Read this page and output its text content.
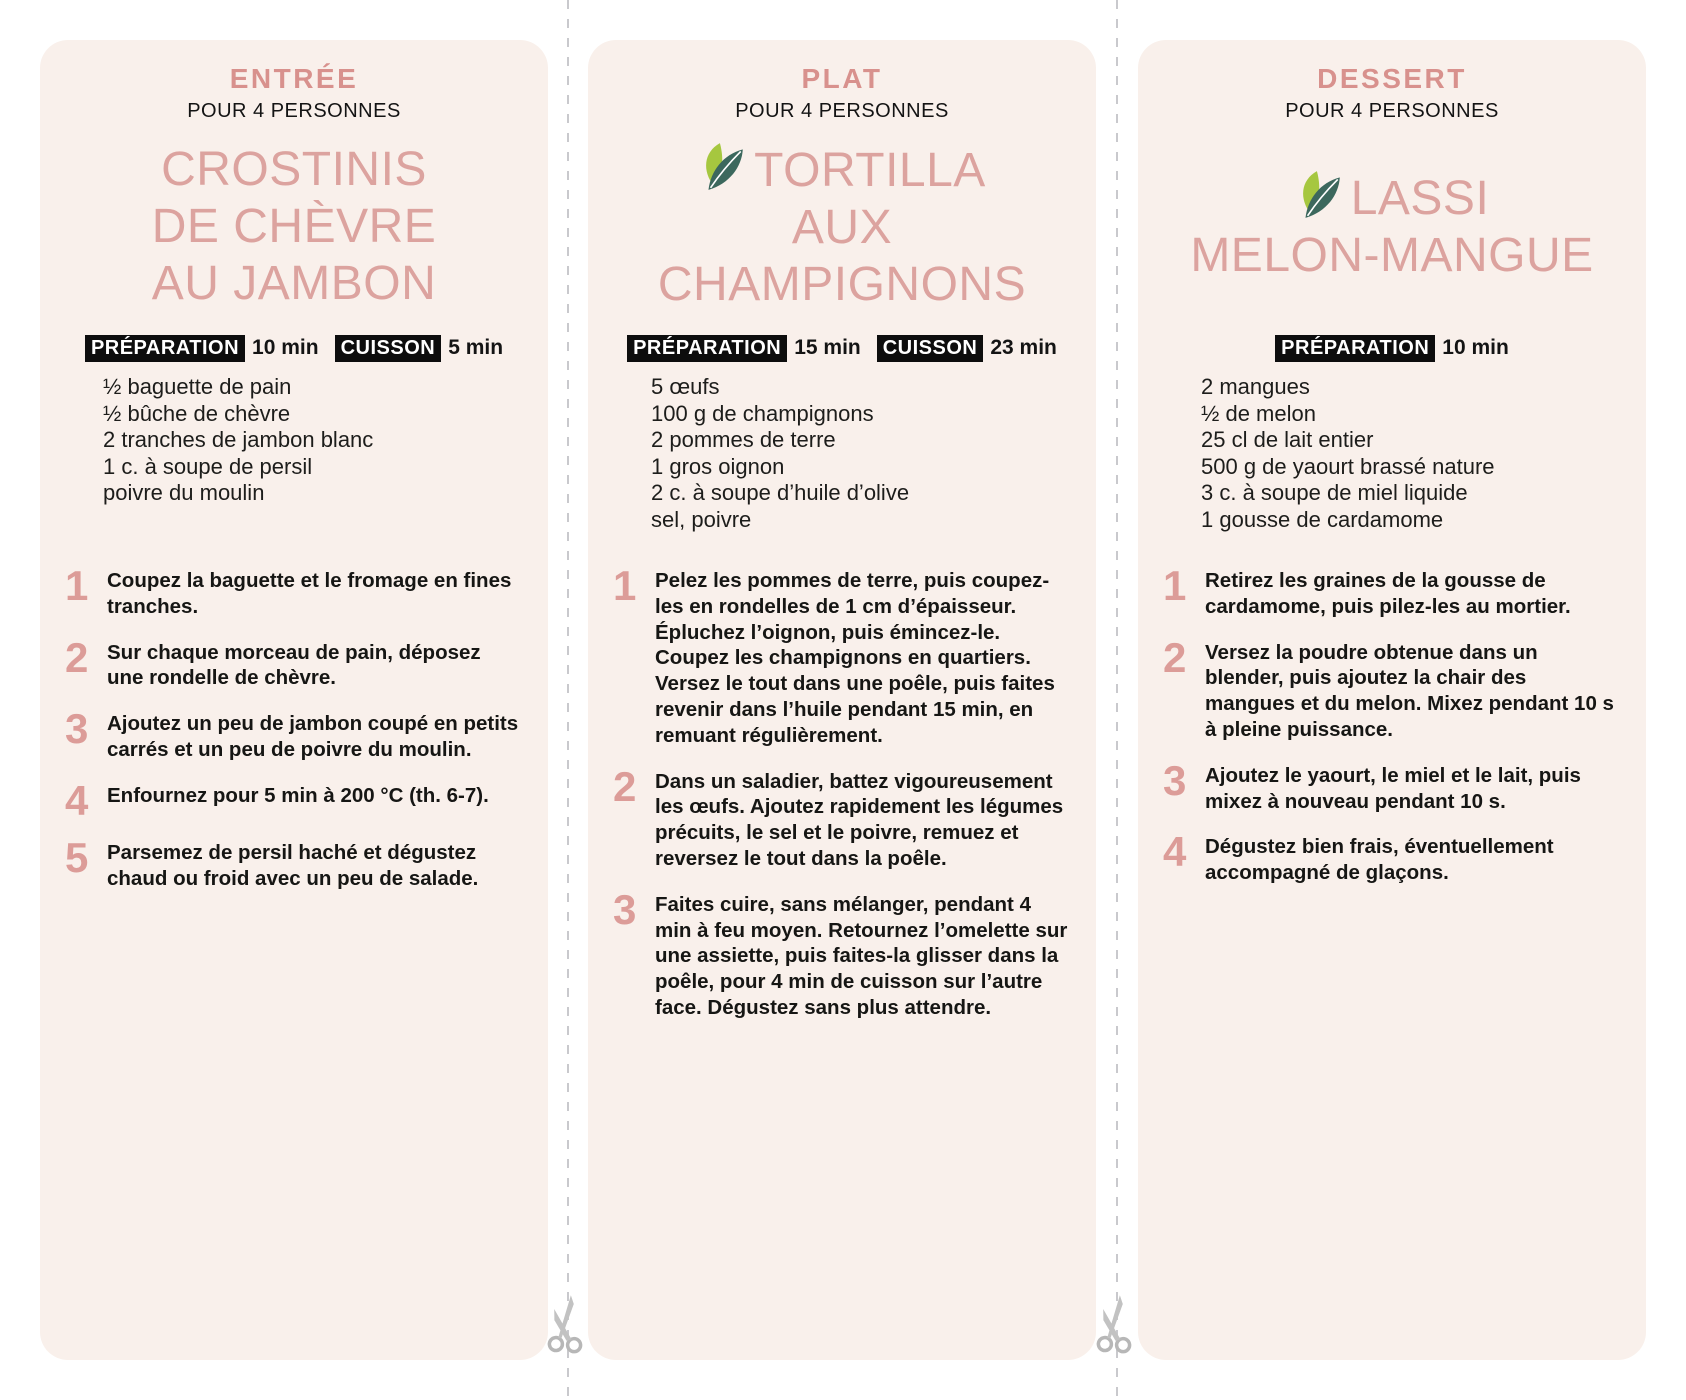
ENTRÉE
POUR 4 PERSONNES
CROSTINIS
DE CHÈVRE
AU JAMBON
PRÉPARATION 10 min	CUISSON 5 min
½ baguette de pain
½ bûche de chèvre
2 tranches de jambon blanc
1 c. à soupe de persil
poivre du moulin
1 Coupez la baguette et le fromage en fines tranches.
2 Sur chaque morceau de pain, déposez une rondelle de chèvre.
3 Ajoutez un peu de jambon coupé en petits carrés et un peu de poivre du moulin.
4 Enfournez pour 5 min à 200 °C (th. 6-7).
5 Parsemez de persil haché et dégustez chaud ou froid avec un peu de salade.
PLAT
POUR 4 PERSONNES
TORTILLA
AUX
CHAMPIGNONS
PRÉPARATION 15 min	CUISSON 23 min
5 œufs
100 g de champignons
2 pommes de terre
1 gros oignon
2 c. à soupe d’huile d’olive
sel, poivre
1 Pelez les pommes de terre, puis coupez-les en rondelles de 1 cm d’épaisseur. Épluchez l’oignon, puis émincez-le. Coupez les champignons en quartiers. Versez le tout dans une poêle, puis faites revenir dans l’huile pendant 15 min, en remuant régulièrement.
2 Dans un saladier, battez vigoureusement les œufs. Ajoutez rapidement les légumes précuits, le sel et le poivre, remuez et reversez le tout dans la poêle.
3 Faites cuire, sans mélanger, pendant 4 min à feu moyen. Retournez l’omelette sur une assiette, puis faites-la glisser dans la poêle, pour 4 min de cuisson sur l’autre face. Dégustez sans plus attendre.
DESSERT
POUR 4 PERSONNES
LASSI
MELON-MANGUE
PRÉPARATION 10 min
2 mangues
½ de melon
25 cl de lait entier
500 g de yaourt brassé nature
3 c. à soupe de miel liquide
1 gousse de cardamome
1 Retirez les graines de la gousse de cardamome, puis pilez-les au mortier.
2 Versez la poudre obtenue dans un blender, puis ajoutez la chair des mangues et du melon. Mixez pendant 10 s à pleine puissance.
3 Ajoutez le yaourt, le miel et le lait, puis mixez à nouveau pendant 10 s.
4 Dégustez bien frais, éventuellement accompagné de glaçons.
